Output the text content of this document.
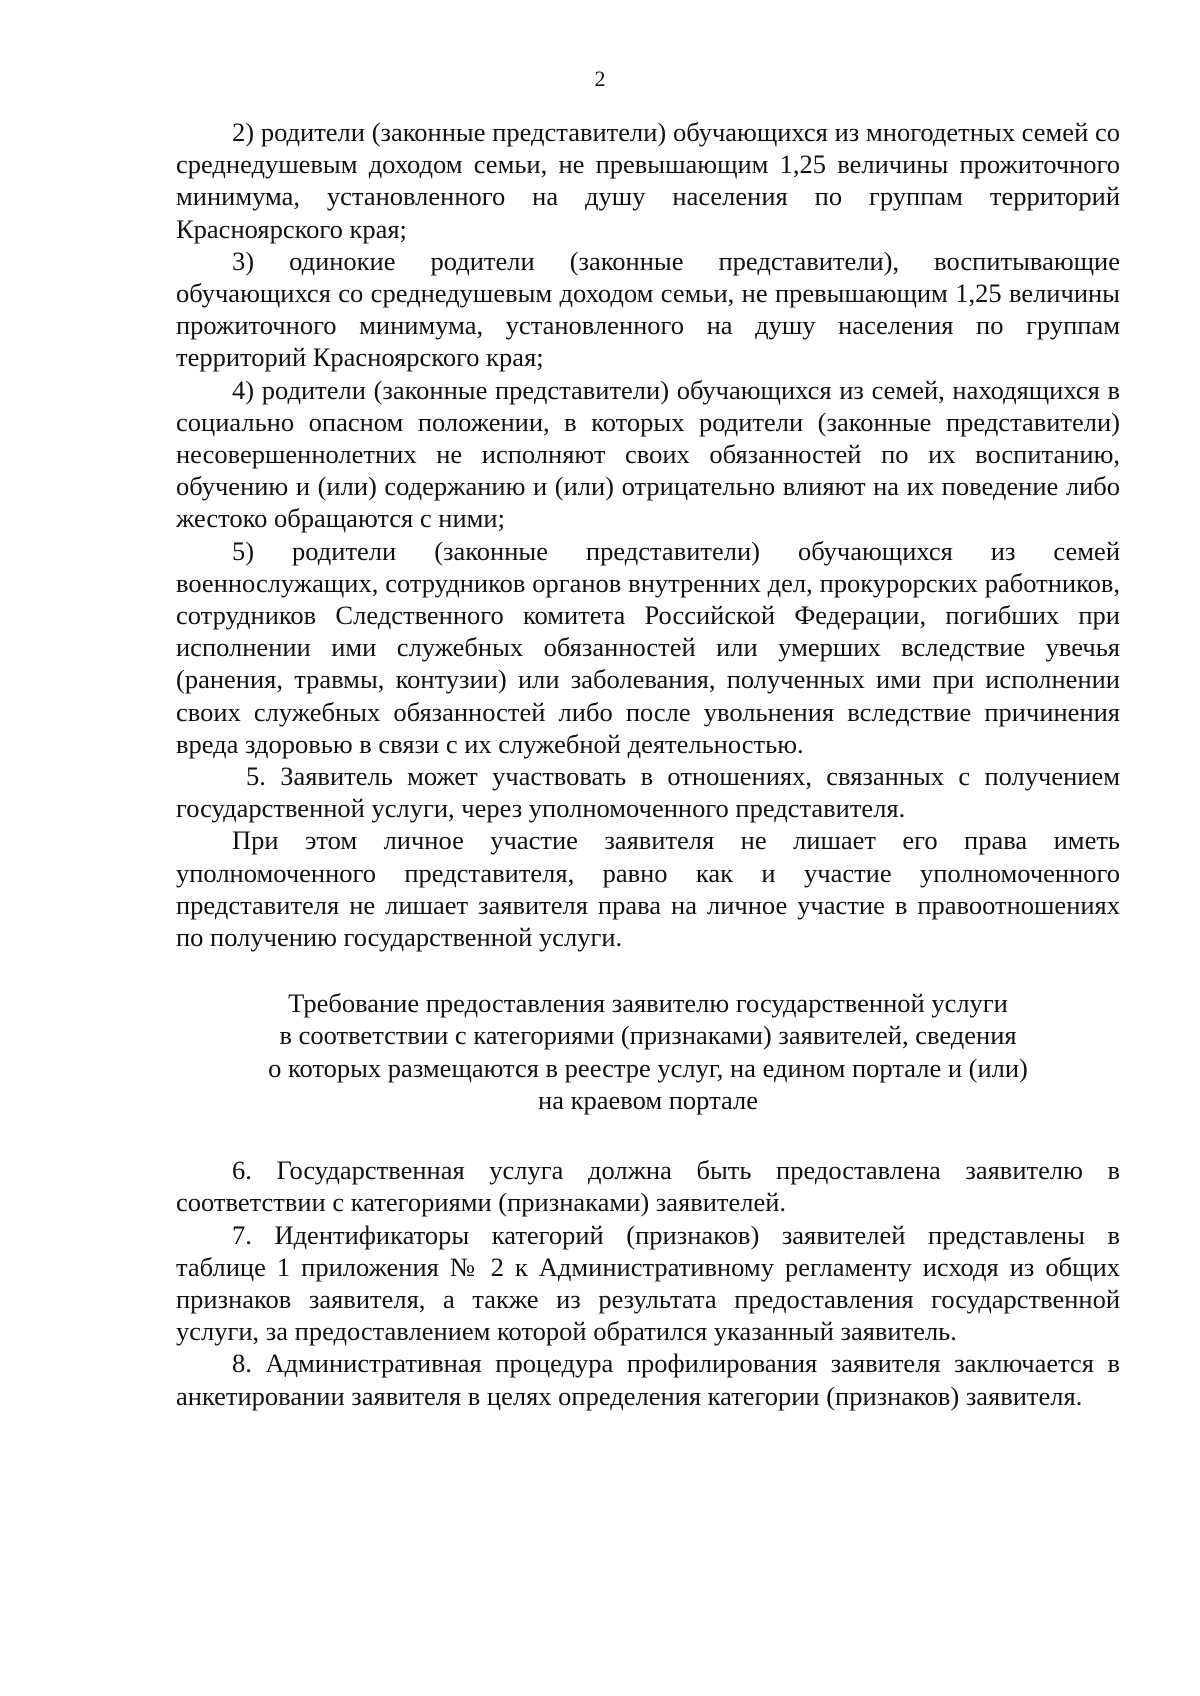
2

2) родители (законные представители) обучающихся из многодетных семей со среднедушевым доходом семьи, не превышающим 1,25 величины прожиточного минимума, установленного на душу населения по группам территорий Красноярского края;

3) одинокие родители (законные представители), воспитывающие обучающихся со среднедушевым доходом семьи, не превышающим 1,25 величины прожиточного минимума, установленного на душу населения по группам территорий Красноярского края;

4) родители (законные представители) обучающихся из семей, находящихся в социально опасном положении, в которых родители (законные представители) несовершеннолетних не исполняют своих обязанностей по их воспитанию, обучению и (или) содержанию и (или) отрицательно влияют на их поведение либо жестоко обращаются с ними;

5) родители (законные представители) обучающихся из семей военнослужащих, сотрудников органов внутренних дел, прокурорских работников, сотрудников Следственного комитета Российской Федерации, погибших при исполнении ими служебных обязанностей или умерших вследствие увечья (ранения, травмы, контузии) или заболевания, полученных ими при исполнении своих служебных обязанностей либо после увольнения вследствие причинения вреда здоровью в связи с их служебной деятельностью.

5. Заявитель может участвовать в отношениях, связанных с получением государственной услуги, через уполномоченного представителя.

При этом личное участие заявителя не лишает его права иметь уполномоченного представителя, равно как и участие уполномоченного представителя не лишает заявителя права на личное участие в правоотношениях по получению государственной услуги.

Требование предоставления заявителю государственной услуги
в соответствии с категориями (признаками) заявителей, сведения
о которых размещаются в реестре услуг, на едином портале и (или)
на краевом портале

6. Государственная услуга должна быть предоставлена заявителю в соответствии с категориями (признаками) заявителей.

7. Идентификаторы категорий (признаков) заявителей представлены в таблице 1 приложения № 2 к Административному регламенту исходя из общих признаков заявителя, а также из результата предоставления государственной услуги, за предоставлением которой обратился указанный заявитель.

8. Административная процедура профилирования заявителя заключается в анкетировании заявителя в целях определения категории (признаков) заявителя.
